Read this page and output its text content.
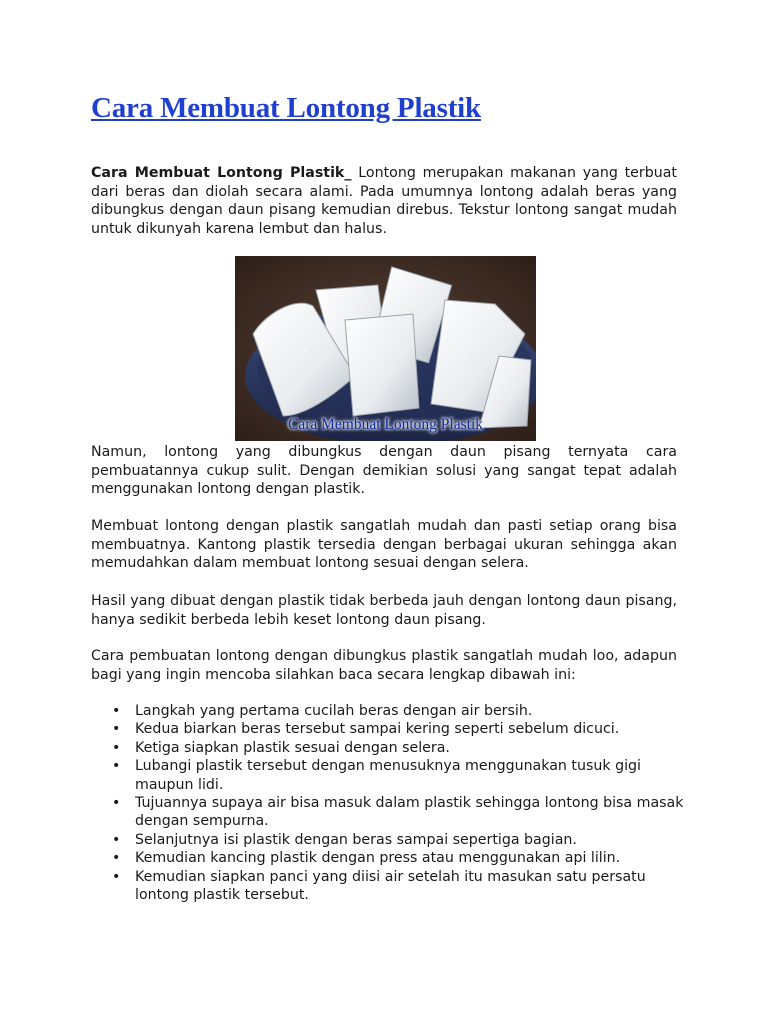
Cara Membuat Lontong Plastik

Cara Membuat Lontong Plastik_ Lontong merupakan makanan yang terbuat dari beras dan diolah secara alami. Pada umumnya lontong adalah beras yang dibungkus dengan daun pisang kemudian direbus. Tekstur lontong sangat mudah untuk dikunyah karena lembut dan halus.

Cara Membuat Lontong Plastik

Namun, lontong yang dibungkus dengan daun pisang ternyata cara pembuatannya cukup sulit. Dengan demikian solusi yang sangat tepat adalah menggunakan lontong dengan plastik.

Membuat lontong dengan plastik sangatlah mudah dan pasti setiap orang bisa membuatnya. Kantong plastik tersedia dengan berbagai ukuran sehingga akan memudahkan dalam membuat lontong sesuai dengan selera.

Hasil yang dibuat dengan plastik tidak berbeda jauh dengan lontong daun pisang, hanya sedikit berbeda lebih keset lontong daun pisang.

Cara pembuatan lontong dengan dibungkus plastik sangatlah mudah loo, adapun bagi yang ingin mencoba silahkan baca secara lengkap dibawah ini:

• Langkah yang pertama cucilah beras dengan air bersih.
• Kedua biarkan beras tersebut sampai kering seperti sebelum dicuci.
• Ketiga siapkan plastik sesuai dengan selera.
• Lubangi plastik tersebut dengan menusuknya menggunakan tusuk gigi maupun lidi.
• Tujuannya supaya air bisa masuk dalam plastik sehingga lontong bisa masak dengan sempurna.
• Selanjutnya isi plastik dengan beras sampai sepertiga bagian.
• Kemudian kancing plastik dengan press atau menggunakan api lilin.
• Kemudian siapkan panci yang diisi air setelah itu masukan satu persatu lontong plastik tersebut.
